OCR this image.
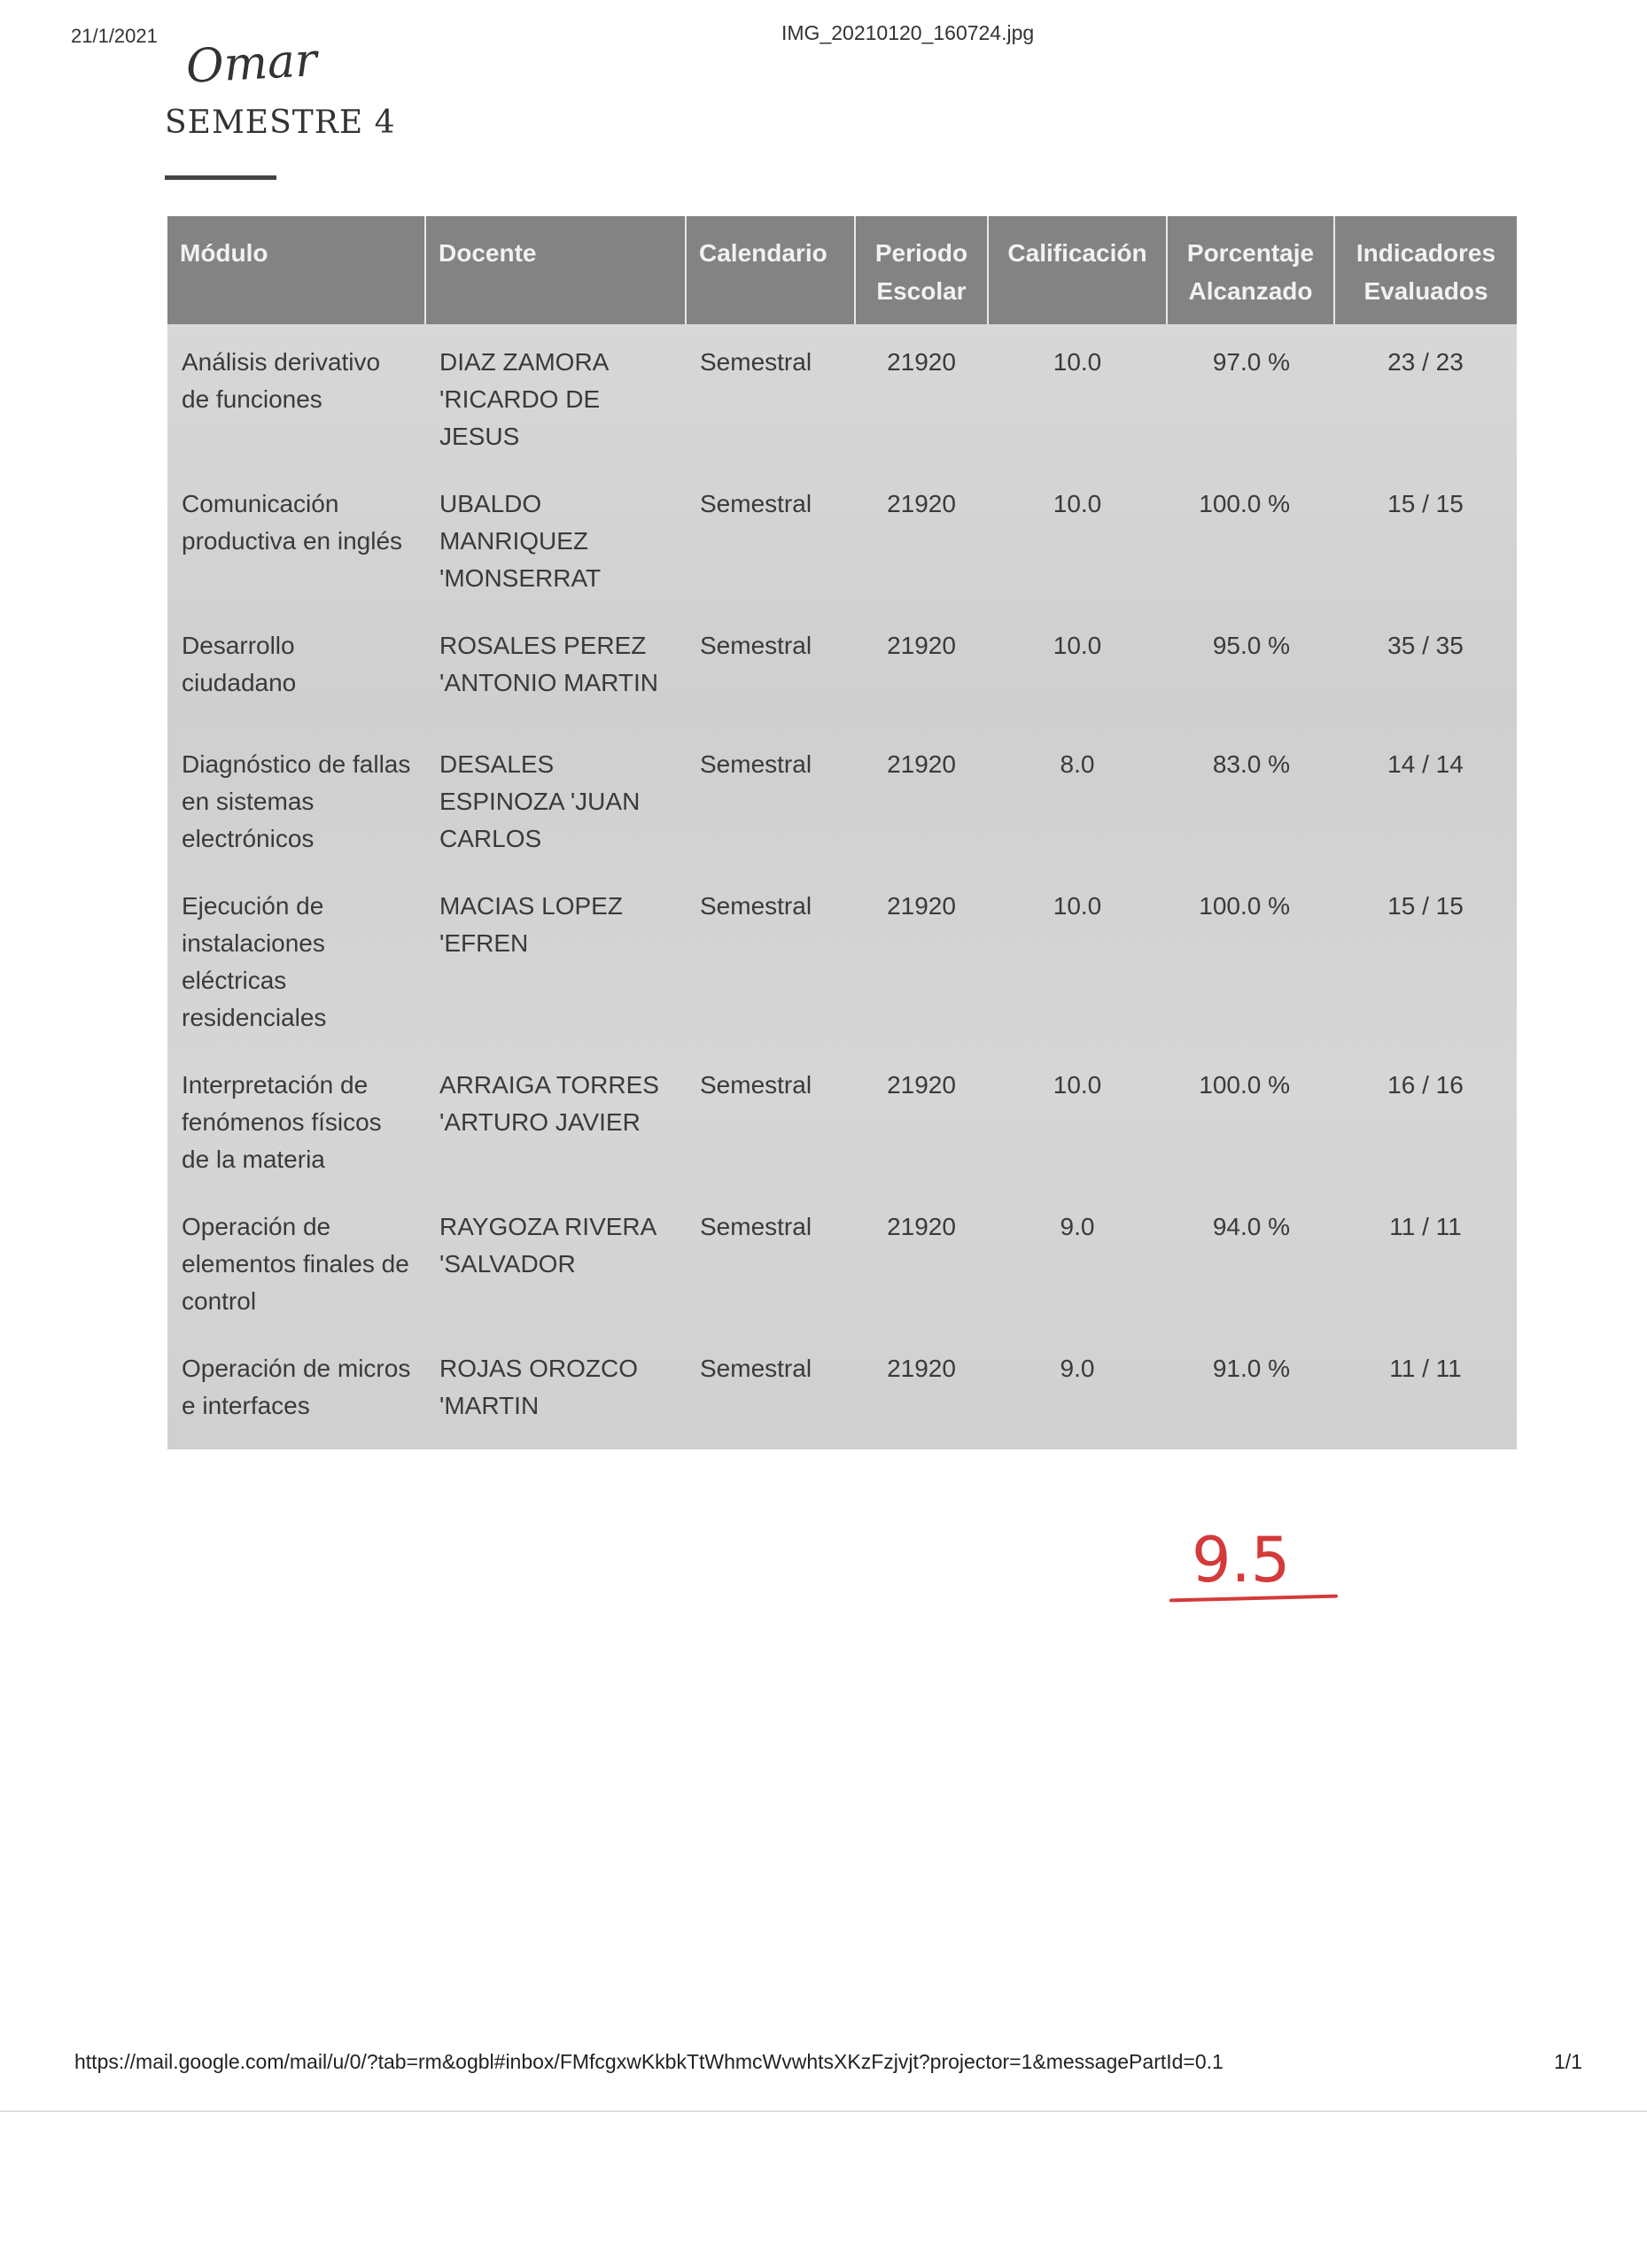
21/1/2021	IMG_20210120_160724.jpg
Omar
SEMESTRE 4
Módulo	Docente	Calendario	Periodo Escolar	Calificación	Porcentaje Alcanzado	Indicadores Evaluados
Análisis derivativo de funciones	DIAZ ZAMORA 'RICARDO DE JESUS	Semestral	21920	10.0	97.0 %	23 / 23
Comunicación productiva en inglés	UBALDO MANRIQUEZ 'MONSERRAT	Semestral	21920	10.0	100.0 %	15 / 15
Desarrollo ciudadano	ROSALES PEREZ 'ANTONIO MARTIN	Semestral	21920	10.0	95.0 %	35 / 35
Diagnóstico de fallas en sistemas electrónicos	DESALES ESPINOZA 'JUAN CARLOS	Semestral	21920	8.0	83.0 %	14 / 14
Ejecución de instalaciones eléctricas residenciales	MACIAS LOPEZ 'EFREN	Semestral	21920	10.0	100.0 %	15 / 15
Interpretación de fenómenos físicos de la materia	ARRAIGA TORRES 'ARTURO JAVIER	Semestral	21920	10.0	100.0 %	16 / 16
Operación de elementos finales de control	RAYGOZA RIVERA 'SALVADOR	Semestral	21920	9.0	94.0 %	11 / 11
Operación de micros e interfaces	ROJAS OROZCO 'MARTIN	Semestral	21920	9.0	91.0 %	11 / 11
9.5
https://mail.google.com/mail/u/0/?tab=rm&ogbl#inbox/FMfcgxwKkbkTtWhmcWvwhtsXKzFzjvjt?projector=1&messagePartId=0.1	1/1
